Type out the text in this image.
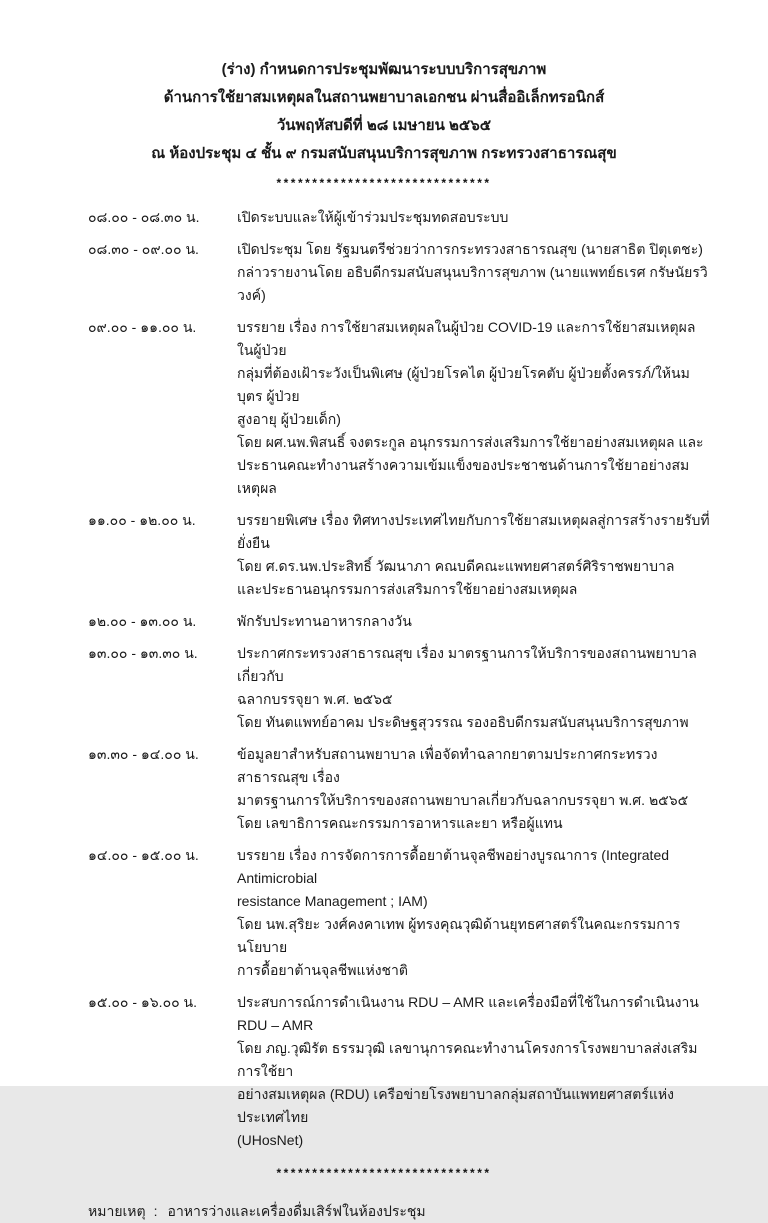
(ร่าง) กำหนดการประชุมพัฒนาระบบบริการสุขภาพ
ด้านการใช้ยาสมเหตุผลในสถานพยาบาลเอกชน ผ่านสื่ออิเล็กทรอนิกส์
วันพฤหัสบดีที่ ๒๘ เมษายน ๒๕๖๕
ณ ห้องประชุม ๔ ชั้น ๙ กรมสนับสนุนบริการสุขภาพ กระทรวงสาธารณสุข
******************************
๐๘.๐๐ - ๐๘.๓๐ น.	เปิดระบบและให้ผู้เข้าร่วมประชุมทดสอบระบบ
๐๘.๓๐ - ๐๙.๐๐ น.	เปิดประชุม โดย รัฐมนตรีช่วยว่าการกระทรวงสาธารณสุข (นายสาธิต ปิตุเตชะ)
กล่าวรายงานโดย อธิบดีกรมสนับสนุนบริการสุขภาพ (นายแพทย์ธเรศ กรัษนัยรวิวงค์)
๐๙.๐๐ - ๑๑.๐๐ น.	บรรยาย เรื่อง การใช้ยาสมเหตุผลในผู้ป่วย COVID-19 และการใช้ยาสมเหตุผลในผู้ป่วย
กลุ่มที่ต้องเฝ้าระวังเป็นพิเศษ (ผู้ป่วยโรคไต ผู้ป่วยโรคตับ ผู้ป่วยตั้งครรภ์/ให้นมบุตร ผู้ป่วย
สูงอายุ ผู้ป่วยเด็ก)
โดย ผศ.นพ.พิสนธิ์ จงตระกูล อนุกรรมการส่งเสริมการใช้ยาอย่างสมเหตุผล และ
ประธานคณะทำงานสร้างความเข้มแข็งของประชาชนด้านการใช้ยาอย่างสมเหตุผล
๑๑.๐๐ - ๑๒.๐๐ น.	บรรยายพิเศษ เรื่อง ทิศทางประเทศไทยกับการใช้ยาสมเหตุผลสู่การสร้างรายรับที่ยั่งยืน
โดย ศ.ดร.นพ.ประสิทธิ์ วัฒนาภา คณบดีคณะแพทยศาสตร์ศิริราชพยาบาล
และประธานอนุกรรมการส่งเสริมการใช้ยาอย่างสมเหตุผล
๑๒.๐๐ - ๑๓.๐๐ น.	พักรับประทานอาหารกลางวัน
๑๓.๐๐ - ๑๓.๓๐ น.	ประกาศกระทรวงสาธารณสุข เรื่อง มาตรฐานการให้บริการของสถานพยาบาลเกี่ยวกับ
ฉลากบรรจุยา พ.ศ. ๒๕๖๕
โดย ทันตแพทย์อาคม ประดิษฐสุวรรณ รองอธิบดีกรมสนับสนุนบริการสุขภาพ
๑๓.๓๐ - ๑๔.๐๐ น.	ข้อมูลยาสำหรับสถานพยาบาล เพื่อจัดทำฉลากยาตามประกาศกระทรวงสาธารณสุข เรื่อง
มาตรฐานการให้บริการของสถานพยาบาลเกี่ยวกับฉลากบรรจุยา พ.ศ. ๒๕๖๕
โดย เลขาธิการคณะกรรมการอาหารและยา หรือผู้แทน
๑๔.๐๐ - ๑๕.๐๐ น.	บรรยาย เรื่อง การจัดการการดื้อยาต้านจุลชีพอย่างบูรณาการ (Integrated Antimicrobial
resistance Management ; IAM)
โดย นพ.สุริยะ วงศ์คงคาเทพ ผู้ทรงคุณวุฒิด้านยุทธศาสตร์ในคณะกรรมการนโยบาย
การดื้อยาต้านจุลชีพแห่งชาติ
๑๕.๐๐ - ๑๖.๐๐ น.	ประสบการณ์การดำเนินงาน RDU – AMR และเครื่องมือที่ใช้ในการดำเนินงาน RDU – AMR
โดย ภญ.วุฒิรัต ธรรมวุฒิ เลขานุการคณะทำงานโครงการโรงพยาบาลส่งเสริมการใช้ยา
อย่างสมเหตุผล (RDU) เครือข่ายโรงพยาบาลกลุ่มสถาบันแพทยศาสตร์แห่งประเทศไทย
(UHosNet)
******************************
หมายเหตุ : อาหารว่างและเครื่องดื่มเสิร์ฟในห้องประชุม
